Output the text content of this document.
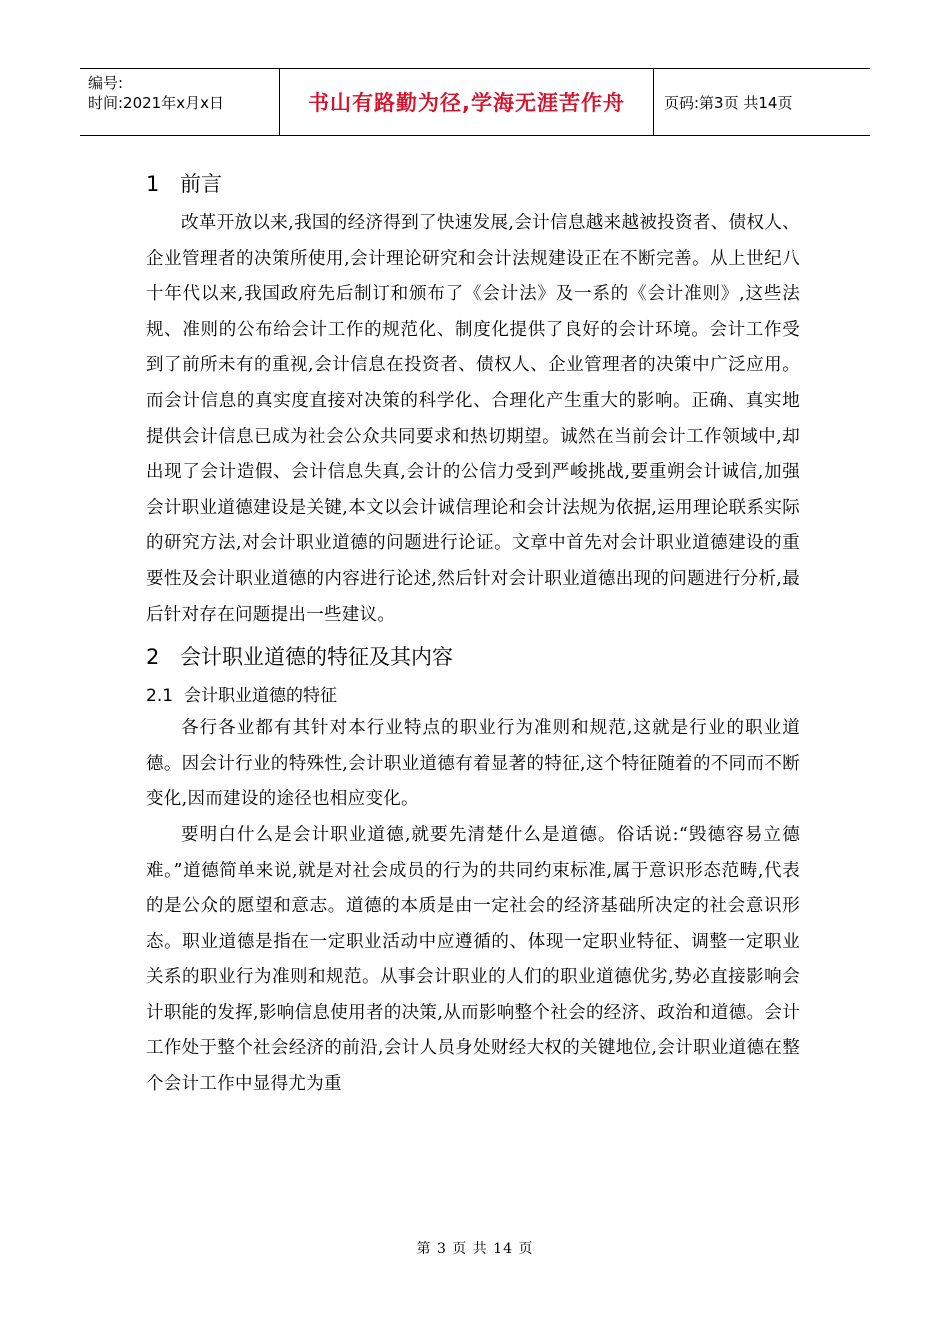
编号:
时间:2021年x月x日	书山有路勤为径,学海无涯苦作舟	页码:第3页 共14页
1 前言

改革开放以来,我国的经济得到了快速发展,会计信息越来越被投资者、债权人、企业管理者的决策所使用,会计理论研究和会计法规建设正在不断完善。从上世纪八十年代以来,我国政府先后制订和颁布了《会计法》及一系的《会计准则》,这些法规、准则的公布给会计工作的规范化、制度化提供了良好的会计环境。会计工作受到了前所未有的重视,会计信息在投资者、债权人、企业管理者的决策中广泛应用。而会计信息的真实度直接对决策的科学化、合理化产生重大的影响。正确、真实地提供会计信息已成为社会公众共同要求和热切期望。诚然在当前会计工作领域中,却出现了会计造假、会计信息失真,会计的公信力受到严峻挑战,要重朔会计诚信,加强会计职业道德建设是关键,本文以会计诚信理论和会计法规为依据,运用理论联系实际的研究方法,对会计职业道德的问题进行论证。文章中首先对会计职业道德建设的重要性及会计职业道德的内容进行论述,然后针对会计职业道德出现的问题进行分析,最后针对存在问题提出一些建议。

2 会计职业道德的特征及其内容
2.1 会计职业道德的特征

各行各业都有其针对本行业特点的职业行为准则和规范,这就是行业的职业道德。因会计行业的特殊性,会计职业道德有着显著的特征,这个特征随着的不同而不断变化,因而建设的途径也相应变化。

要明白什么是会计职业道德,就要先清楚什么是道德。俗话说:“毁德容易立德难。”道德简单来说,就是对社会成员的行为的共同约束标准,属于意识形态范畴,代表的是公众的愿望和意志。道德的本质是由一定社会的经济基础所决定的社会意识形态。职业道德是指在一定职业活动中应遵循的、体现一定职业特征、调整一定职业关系的职业行为准则和规范。从事会计职业的人们的职业道德优劣,势必直接影响会计职能的发挥,影响信息使用者的决策,从而影响整个社会的经济、政治和道德。会计工作处于整个社会经济的前沿,会计人员身处财经大权的关键地位,会计职业道德在整个会计工作中显得尤为重

第 3 页 共 14 页
